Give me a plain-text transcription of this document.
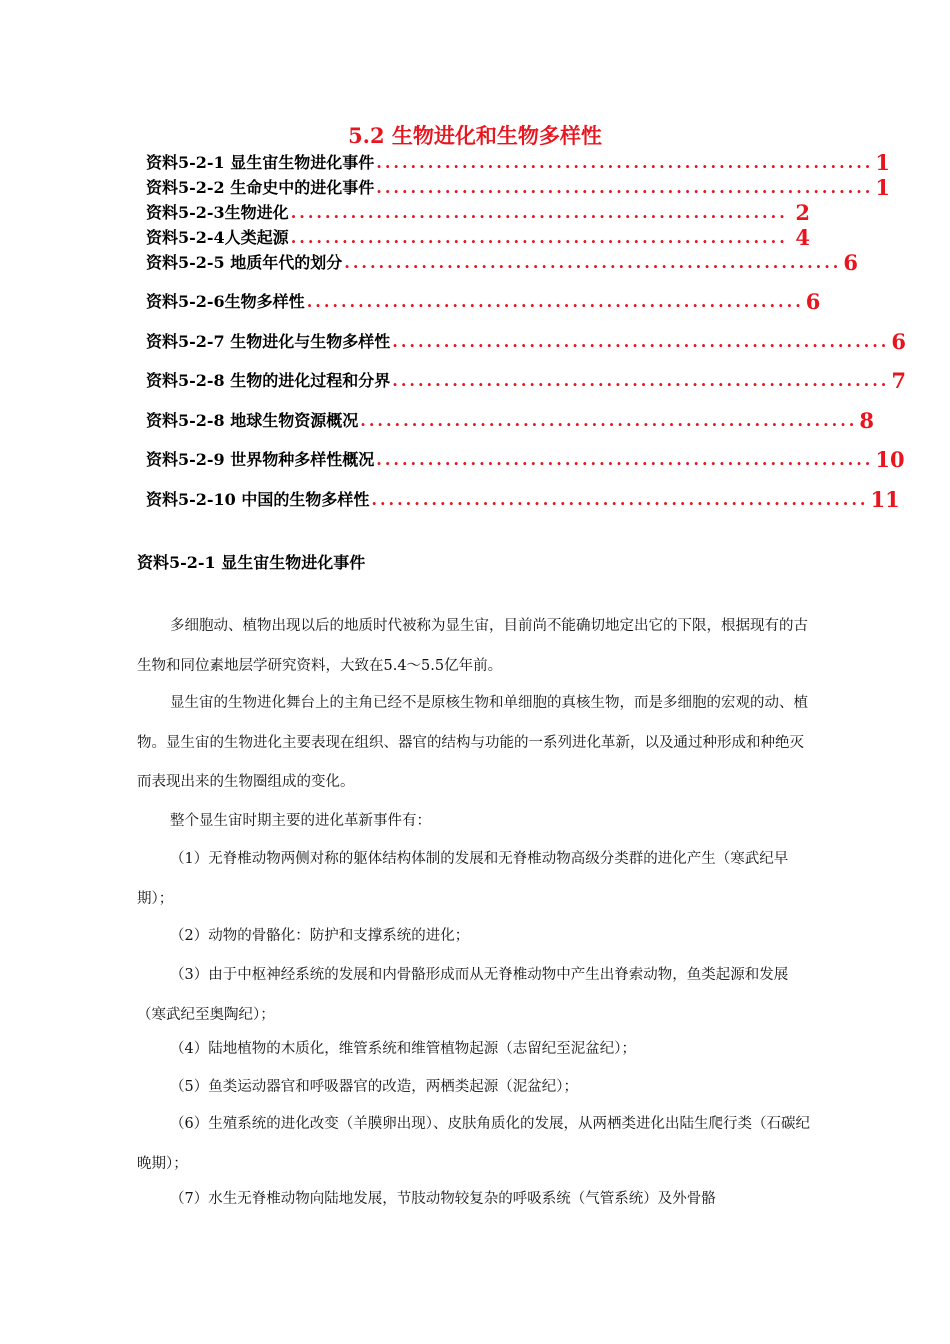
5.2 生物进化和生物多样性
资料5-2-1 显生宙生物进化事件 .......................................................... 1
资料5-2-2 生命史中的进化事件 .......................................................... 1
资料5-2-3生物进化 .......................................................... 2
资料5-2-4人类起源 .......................................................... 4
资料5-2-5 地质年代的划分 .......................................................... 6
资料5-2-6生物多样性 .......................................................... 6
资料5-2-7 生物进化与生物多样性 .......................................................... 6
资料5-2-8 生物的进化过程和分界 .......................................................... 7
资料5-2-8 地球生物资源概况 .......................................................... 8
资料5-2-9 世界物种多样性概况 .......................................................... 10
资料5-2-10 中国的生物多样性 .......................................................... 11
资料5-2-1 显生宙生物进化事件

多细胞动、植物出现以后的地质时代被称为显生宙，目前尚不能确切地定出它的下限，根据现有的古生物和同位素地层学研究资料，大致在5.4～5.5亿年前。

显生宙的生物进化舞台上的主角已经不是原核生物和单细胞的真核生物，而是多细胞的宏观的动、植物。显生宙的生物进化主要表现在组织、器官的结构与功能的一系列进化革新，以及通过种形成和种绝灭而表现出来的生物圈组成的变化。

整个显生宙时期主要的进化革新事件有：

（1）无脊椎动物两侧对称的躯体结构体制的发展和无脊椎动物高级分类群的进化产生（寒武纪早期）；

（2）动物的骨骼化：防护和支撑系统的进化；

（3）由于中枢神经系统的发展和内骨骼形成而从无脊椎动物中产生出脊索动物，鱼类起源和发展（寒武纪至奥陶纪）；

（4）陆地植物的木质化，维管系统和维管植物起源（志留纪至泥盆纪）；

（5）鱼类运动器官和呼吸器官的改造，两栖类起源（泥盆纪）；

（6）生殖系统的进化改变（羊膜卵出现）、皮肤角质化的发展，从两栖类进化出陆生爬行类（石碳纪晚期）；

（7）水生无脊椎动物向陆地发展，节肢动物较复杂的呼吸系统（气管系统）及外骨骼
